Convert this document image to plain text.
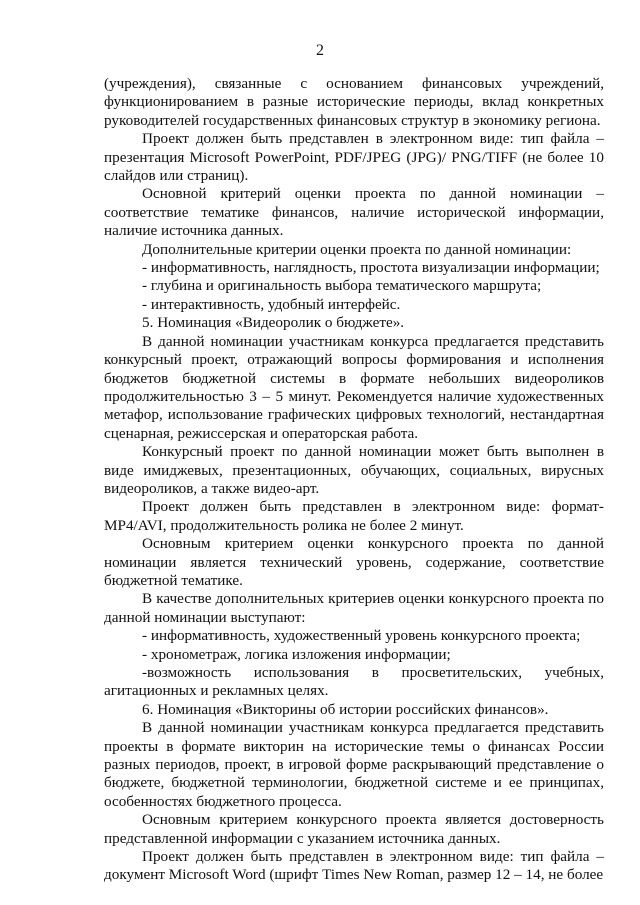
2

(учреждения), связанные с основанием финансовых учреждений, функционированием в разные исторические периоды, вклад конкретных руководителей государственных финансовых структур в экономику региона.

Проект должен быть представлен в электронном виде: тип файла – презентация Microsoft PowerPoint, PDF/JPEG (JPG)/ PNG/TIFF (не более 10 слайдов или страниц).

Основной критерий оценки проекта по данной номинации – соответствие тематике финансов, наличие исторической информации, наличие источника данных.

Дополнительные критерии оценки проекта по данной номинации:

- информативность, наглядность, простота визуализации информации;

- глубина и оригинальность выбора тематического маршрута;

- интерактивность, удобный интерфейс.

5. Номинация «Видеоролик о бюджете».

В данной номинации участникам конкурса предлагается представить конкурсный проект, отражающий вопросы формирования и исполнения бюджетов бюджетной системы в формате небольших видеороликов продолжительностью 3 – 5 минут. Рекомендуется наличие художественных метафор, использование графических цифровых технологий, нестандартная сценарная, режиссерская и операторская работа.

Конкурсный проект по данной номинации может быть выполнен в виде имиджевых, презентационных, обучающих, социальных, вирусных видеороликов, а также видео-арт.

Проект должен быть представлен в электронном виде: формат- MP4/AVI, продолжительность ролика не более 2 минут.

Основным критерием оценки конкурсного проекта по данной номинации является технический уровень, содержание, соответствие бюджетной тематике.

В качестве дополнительных критериев оценки конкурсного проекта по данной номинации выступают:

- информативность, художественный уровень конкурсного проекта;

- хронометраж, логика изложения информации;

-возможность использования в просветительских, учебных, агитационных и рекламных целях.

6. Номинация «Викторины об истории российских финансов».

В данной номинации участникам конкурса предлагается представить проекты в формате викторин на исторические темы о финансах России разных периодов, проект, в игровой форме раскрывающий представление о бюджете, бюджетной терминологии, бюджетной системе и ее принципах, особенностях бюджетного процесса.

Основным критерием конкурсного проекта является достоверность представленной информации с указанием источника данных.

Проект должен быть представлен в электронном виде: тип файла – документ Microsoft Word (шрифт Times New Roman, размер 12 – 14, не более
